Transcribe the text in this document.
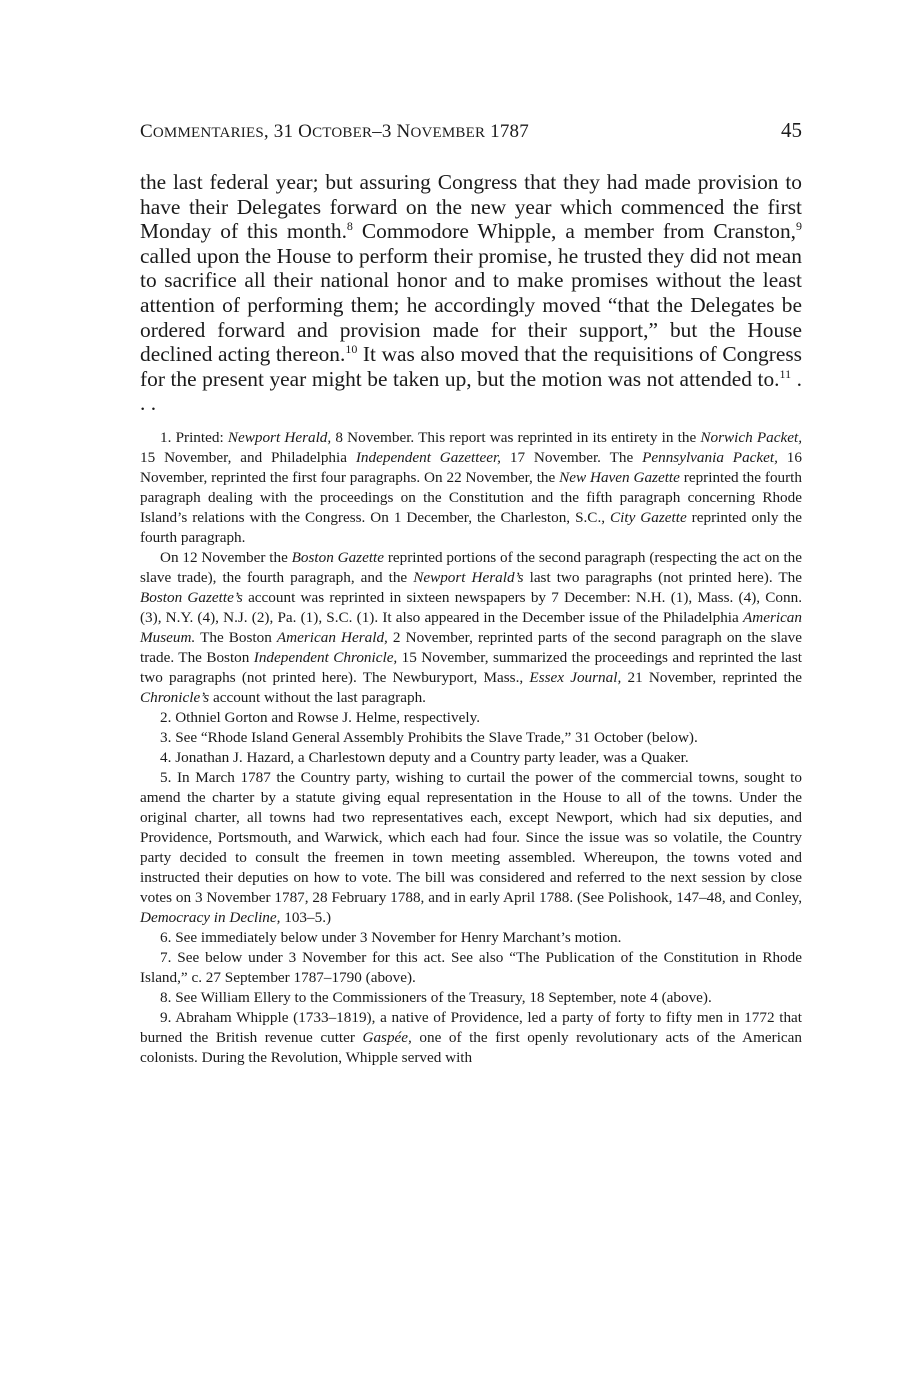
COMMENTARIES, 31 OCTOBER–3 NOVEMBER 1787	45

the last federal year; but assuring Congress that they had made provision to have their Delegates forward on the new year which commenced the first Monday of this month.$^8$ Commodore Whipple, a member from Cranston,$^9$ called upon the House to perform their promise, he trusted they did not mean to sacrifice all their national honor and to make promises without the least attention of performing them; he accordingly moved “that the Delegates be ordered forward and provision made for their support,” but the House declined acting thereon.$^{10}$ It was also moved that the requisitions of Congress for the present year might be taken up, but the motion was not attended to.$^{11}$ . . .

1. Printed: Newport Herald, 8 November. This report was reprinted in its entirety in the Norwich Packet, 15 November, and Philadelphia Independent Gazetteer, 17 November. The Pennsylvania Packet, 16 November, reprinted the first four paragraphs. On 22 November, the New Haven Gazette reprinted the fourth paragraph dealing with the proceedings on the Constitution and the fifth paragraph concerning Rhode Island’s relations with the Congress. On 1 December, the Charleston, S.C., City Gazette reprinted only the fourth paragraph.

On 12 November the Boston Gazette reprinted portions of the second paragraph (respecting the act on the slave trade), the fourth paragraph, and the Newport Herald’s last two paragraphs (not printed here). The Boston Gazette’s account was reprinted in sixteen newspapers by 7 December: N.H. (1), Mass. (4), Conn. (3), N.Y. (4), N.J. (2), Pa. (1), S.C. (1). It also appeared in the December issue of the Philadelphia American Museum. The Boston American Herald, 2 November, reprinted parts of the second paragraph on the slave trade. The Boston Independent Chronicle, 15 November, summarized the proceedings and reprinted the last two paragraphs (not printed here). The Newburyport, Mass., Essex Journal, 21 November, reprinted the Chronicle’s account without the last paragraph.

2. Othniel Gorton and Rowse J. Helme, respectively.

3. See “Rhode Island General Assembly Prohibits the Slave Trade,” 31 October (below).

4. Jonathan J. Hazard, a Charlestown deputy and a Country party leader, was a Quaker.

5. In March 1787 the Country party, wishing to curtail the power of the commercial towns, sought to amend the charter by a statute giving equal representation in the House to all of the towns. Under the original charter, all towns had two representatives each, except Newport, which had six deputies, and Providence, Portsmouth, and Warwick, which each had four. Since the issue was so volatile, the Country party decided to consult the freemen in town meeting assembled. Whereupon, the towns voted and instructed their deputies on how to vote. The bill was considered and referred to the next session by close votes on 3 November 1787, 28 February 1788, and in early April 1788. (See Polishook, 147–48, and Conley, Democracy in Decline, 103–5.)

6. See immediately below under 3 November for Henry Marchant’s motion.

7. See below under 3 November for this act. See also “The Publication of the Constitution in Rhode Island,” c. 27 September 1787–1790 (above).

8. See William Ellery to the Commissioners of the Treasury, 18 September, note 4 (above).

9. Abraham Whipple (1733–1819), a native of Providence, led a party of forty to fifty men in 1772 that burned the British revenue cutter Gaspée, one of the first openly revolutionary acts of the American colonists. During the Revolution, Whipple served with
